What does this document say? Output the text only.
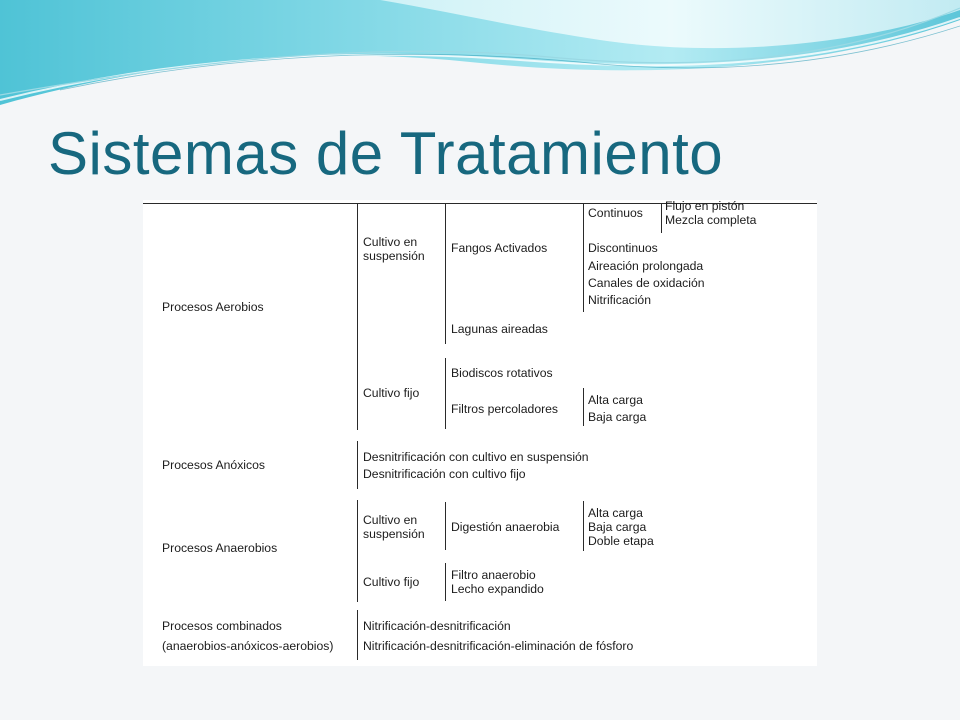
Sistemas de Tratamiento
Procesos Aerobios
Cultivo en suspensión
Fangos Activados
Continuos Flujo en pistón
Mezcla completa
Discontinuos
Aireación prolongada
Canales de oxidación
Nitrificación
Lagunas aireadas
Cultivo fijo
Biodiscos rotativos
Filtros percoladores
Alta carga
Baja carga
Procesos Anóxicos
Desnitrificación con cultivo en suspensión
Desnitrificación con cultivo fijo
Procesos Anaerobios
Cultivo en suspensión Digestión anaerobia
Alta carga
Baja carga
Doble etapa
Cultivo fijo	Filtro anaerobio
Lecho expandido
Procesos combinados
(anaerobios-anóxicos-aerobios)
Nitrificación-desnitrificación
Nitrificación-desnitrificación-eliminación de fósforo
